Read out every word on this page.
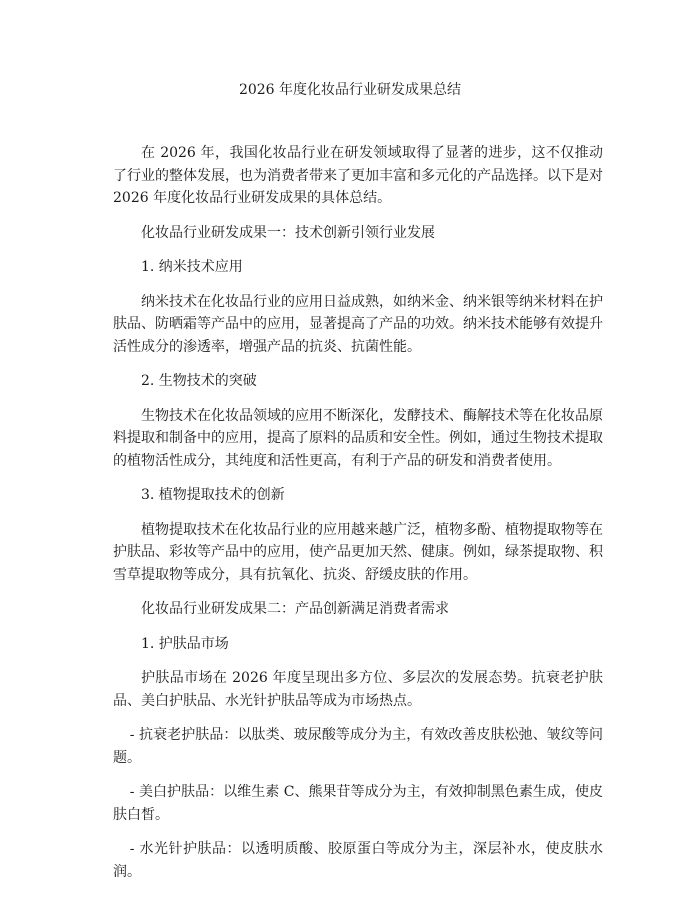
2026 年度化妆品行业研发成果总结

在 2026 年，我国化妆品行业在研发领域取得了显著的进步，这不仅推动了行业的整体发展，也为消费者带来了更加丰富和多元化的产品选择。以下是对 2026 年度化妆品行业研发成果的具体总结。

化妆品行业研发成果一：技术创新引领行业发展

1. 纳米技术应用

纳米技术在化妆品行业的应用日益成熟，如纳米金、纳米银等纳米材料在护肤品、防晒霜等产品中的应用，显著提高了产品的功效。纳米技术能够有效提升活性成分的渗透率，增强产品的抗炎、抗菌性能。

2. 生物技术的突破

生物技术在化妆品领域的应用不断深化，发酵技术、酶解技术等在化妆品原料提取和制备中的应用，提高了原料的品质和安全性。例如，通过生物技术提取的植物活性成分，其纯度和活性更高，有利于产品的研发和消费者使用。

3. 植物提取技术的创新

植物提取技术在化妆品行业的应用越来越广泛，植物多酚、植物提取物等在护肤品、彩妆等产品中的应用，使产品更加天然、健康。例如，绿茶提取物、积雪草提取物等成分，具有抗氧化、抗炎、舒缓皮肤的作用。

化妆品行业研发成果二：产品创新满足消费者需求

1. 护肤品市场

护肤品市场在 2026 年度呈现出多方位、多层次的发展态势。抗衰老护肤品、美白护肤品、水光针护肤品等成为市场热点。

- 抗衰老护肤品：以肽类、玻尿酸等成分为主，有效改善皮肤松弛、皱纹等问题。

- 美白护肤品：以维生素 C、熊果苷等成分为主，有效抑制黑色素生成，使皮肤白皙。

- 水光针护肤品：以透明质酸、胶原蛋白等成分为主，深层补水，使皮肤水润。
